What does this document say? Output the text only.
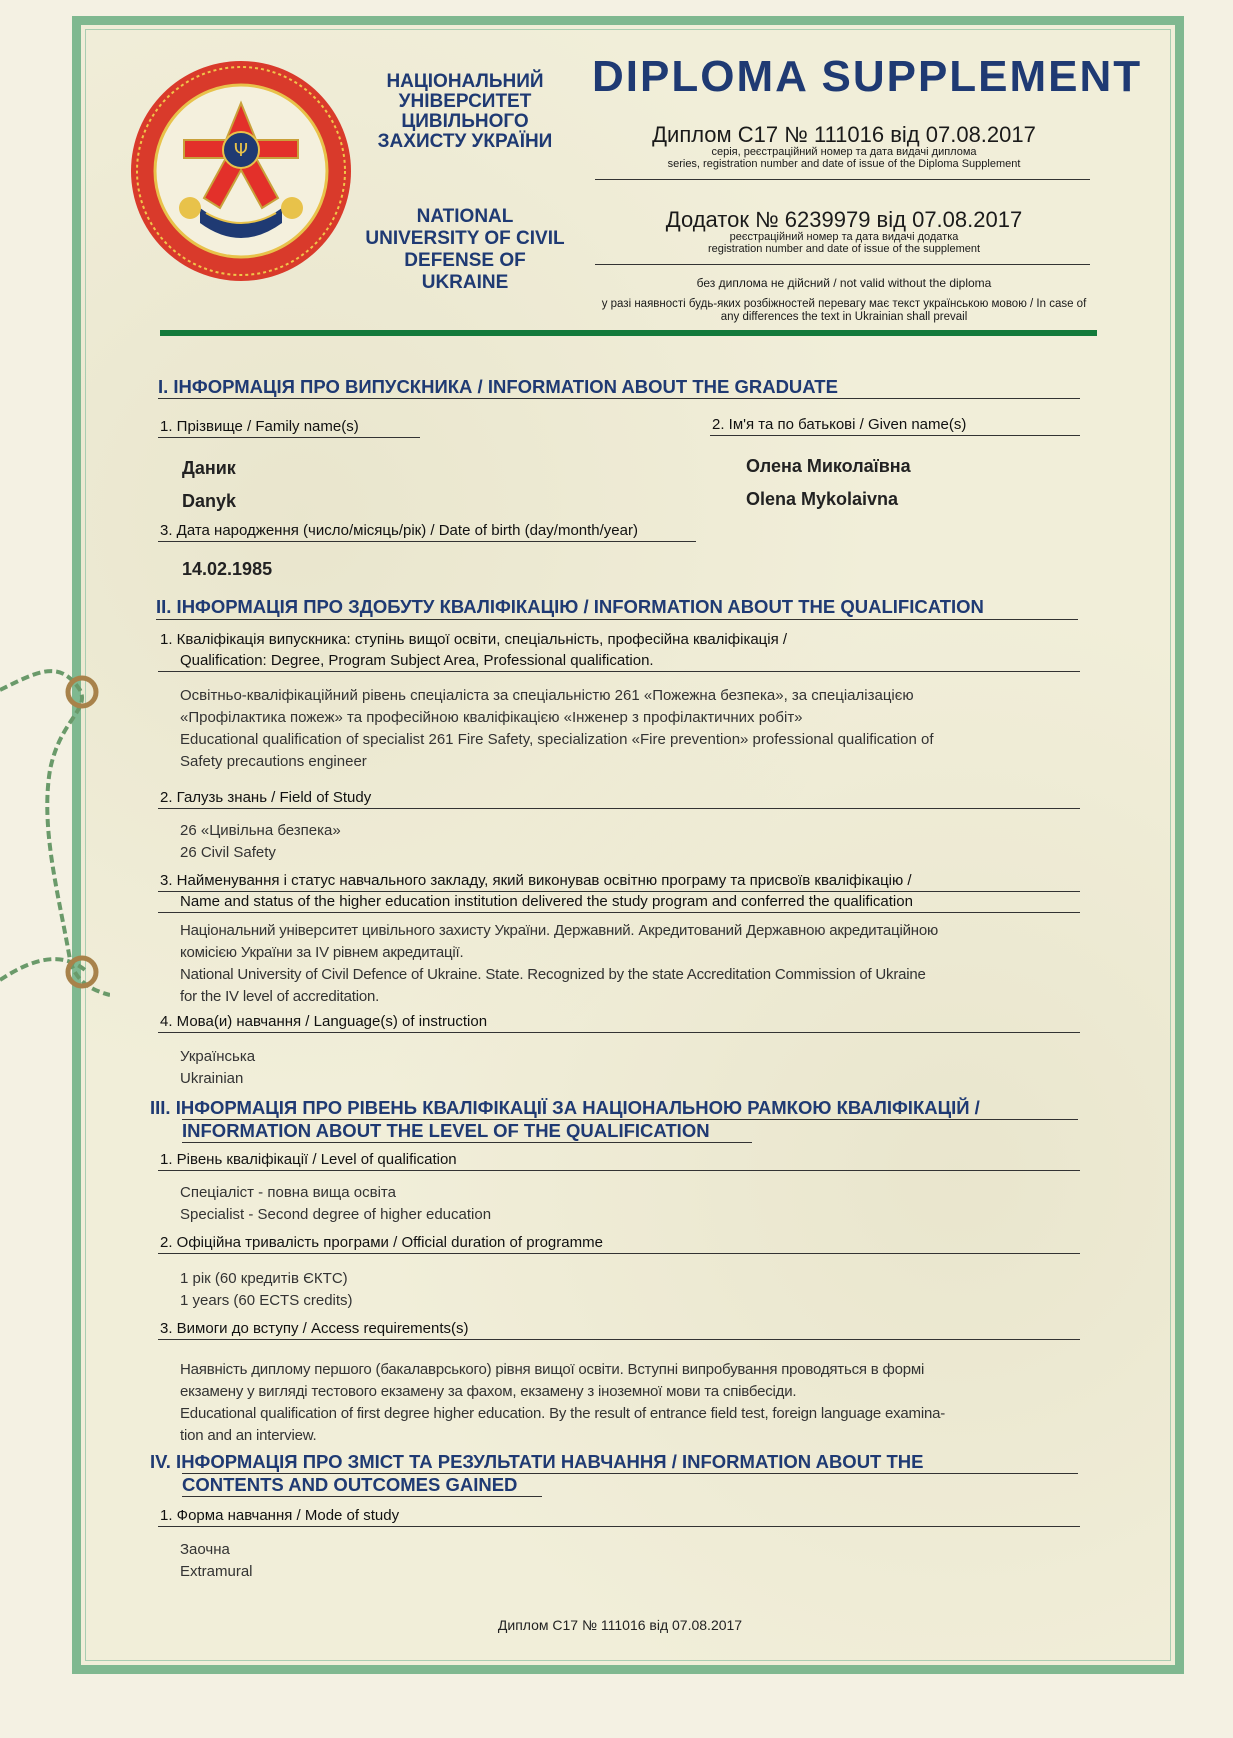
Ψ
НАЦІОНАЛЬНИЙ УНІВЕРСИТЕТ ЦИВІЛЬНОГО ЗАХИСТУ УКРАЇНИ
NATIONAL UNIVERSITY OF CIVIL DEFENSE OF UKRAINE
DIPLOMA SUPPLEMENT
Диплом С17 № 111016 від 07.08.2017
серія, реєстраційний номер та дата видачі диплома
series, registration number and date of issue of the Diploma Supplement
Додаток № 6239979 від 07.08.2017
реєстраційний номер та дата видачі додатка
registration number and date of issue of the supplement
без диплома не дійсний / not valid without the diploma
у разі наявності будь-яких розбіжностей перевагу має текст українською мовою / In case of any differences the text in Ukrainian shall prevail
I. ІНФОРМАЦІЯ ПРО ВИПУСКНИКА / INFORMATION ABOUT THE GRADUATE
1. Прізвище / Family name(s)	2. Ім'я та по батькові / Given name(s)
Даник
Danyk
Олена Миколаївна
Olena Mykolaivna
3. Дата народження (число/місяць/рік) / Date of birth (day/month/year)
14.02.1985
II. ІНФОРМАЦІЯ ПРО ЗДОБУТУ КВАЛІФІКАЦІЮ / INFORMATION ABOUT THE QUALIFICATION
1. Кваліфікація випускника: ступінь вищої освіти, спеціальність, професійна кваліфікація /
Qualification: Degree, Program Subject Area, Professional qualification.
Освітньо-кваліфікаційний рівень спеціаліста за спеціальністю 261 «Пожежна безпека», за спеціалізацією
«Профілактика пожеж» та професійною кваліфікацією «Інженер з профілактичних робіт»
Educational qualification of specialist 261 Fire Safety, specialization «Fire prevention» professional qualification of
Safety precautions engineer
2. Галузь знань / Field of Study
26 «Цивільна безпека»
26 Civil Safety
3. Найменування і статус навчального закладу, який виконував освітню програму та присвоїв кваліфікацію /
Name and status of the higher education institution delivered the study program and conferred the qualification
Національний університет цивільного захисту України. Державний. Акредитований Державною акредитаційною
комісією України за IV рівнем акредитації.
National University of Civil Defence of Ukraine. State. Recognized by the state Accreditation Commission of Ukraine
for the IV level of accreditation.
4. Мова(и) навчання / Language(s) of instruction
Українська
Ukrainian
III. ІНФОРМАЦІЯ ПРО РІВЕНЬ КВАЛІФІКАЦІЇ ЗА НАЦІОНАЛЬНОЮ РАМКОЮ КВАЛІФІКАЦІЙ /
INFORMATION ABOUT THE LEVEL OF THE QUALIFICATION
1. Рівень кваліфікації / Level of qualification
Спеціаліст - повна вища освіта
Specialist - Second degree of higher education
2. Офіційна тривалість програми / Official duration of programme
1 рік (60 кредитів ЄКТС)
1 years (60 ECTS credits)
3. Вимоги до вступу / Access requirements(s)
Наявність диплому першого (бакалаврського) рівня вищої освіти. Вступні випробування проводяться в формі
екзамену у вигляді тестового екзамену за фахом, екзамену з іноземної мови та співбесіди.
Educational qualification of first degree higher education. By the result of entrance field test, foreign language examina-
tion and an interview.
IV. ІНФОРМАЦІЯ ПРО ЗМІСТ ТА РЕЗУЛЬТАТИ НАВЧАННЯ / INFORMATION ABOUT THE
CONTENTS AND OUTCOMES GAINED
1. Форма навчання / Mode of study
Заочна
Extramural
Диплом С17 № 111016 від 07.08.2017
